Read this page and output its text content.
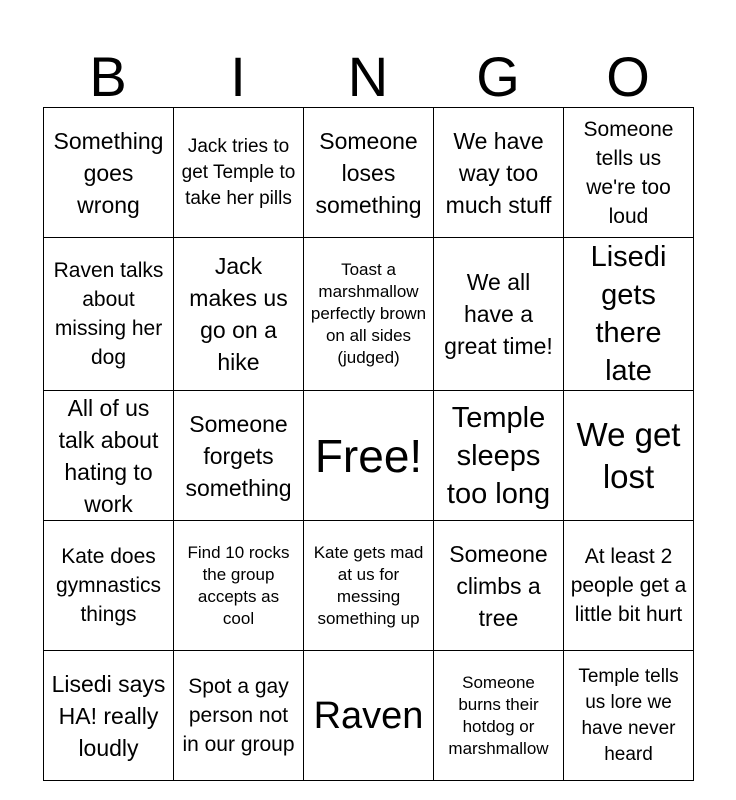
B	I	N	G	O
Something goes wrong	Jack tries to get Temple to take her pills	Someone loses something	We have way too much stuff	Someone tells us we're too loud

Raven talks about missing her dog	Jack makes us go on a hike	Toast a marshmallow perfectly brown on all sides (judged)	We all have a great time!	Lisedi gets there late

All of us talk about hating to work	Someone forgets something	Free!	Temple sleeps too long	We get lost

Kate does gymnastics things	Find 10 rocks the group accepts as cool	Kate gets mad at us for messing something up	Someone climbs a tree	At least 2 people get a little bit hurt

Lisedi says HA! really loudly	Spot a gay person not in our group	Raven	Someone burns their hotdog or marshmallow	Temple tells us lore we have never heard
